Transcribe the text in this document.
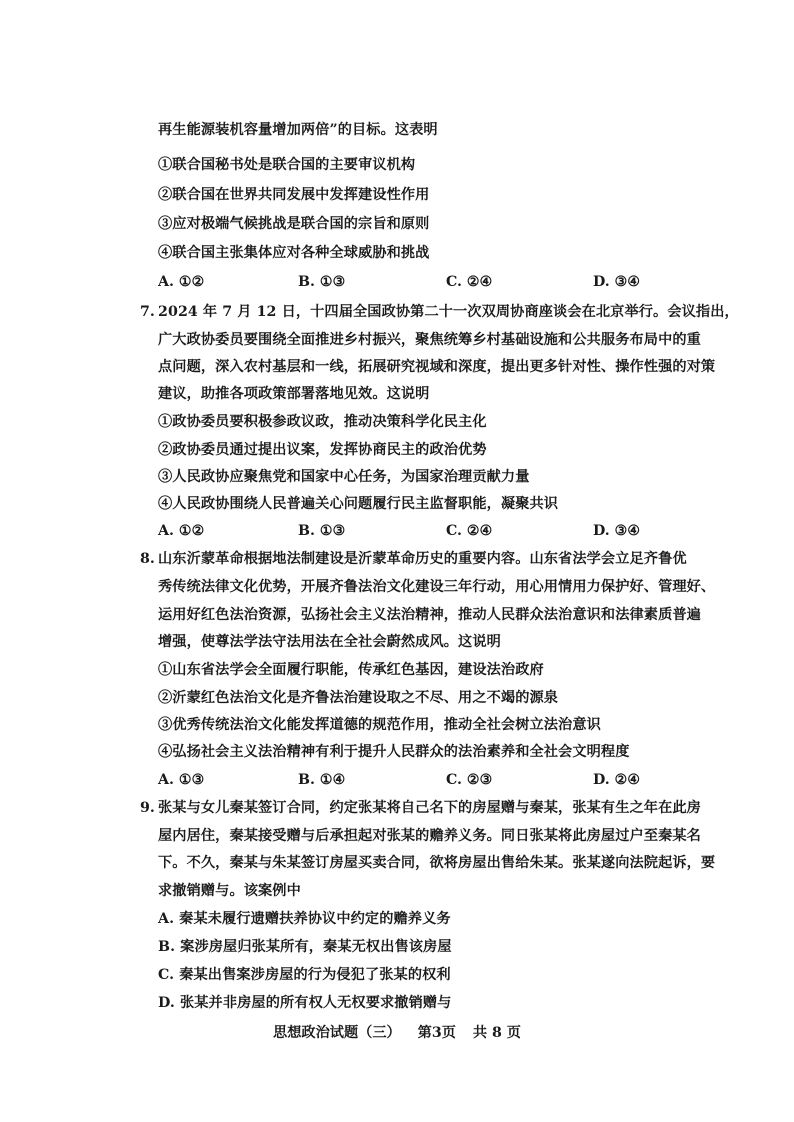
再生能源装机容量增加两倍”的目标。这表明
①联合国秘书处是联合国的主要审议机构
②联合国在世界共同发展中发挥建设性作用
③应对极端气候挑战是联合国的宗旨和原则
④联合国主张集体应对各种全球威胁和挑战
A. ①②	B. ①③	C. ②④	D. ③④
7. 2024 年 7 月 12 日，十四届全国政协第二十一次双周协商座谈会在北京举行。会议指出，
广大政协委员要围绕全面推进乡村振兴，聚焦统筹乡村基础设施和公共服务布局中的重
点问题，深入农村基层和一线，拓展研究视域和深度，提出更多针对性、操作性强的对策
建议，助推各项政策部署落地见效。这说明
①政协委员要积极参政议政，推动决策科学化民主化
②政协委员通过提出议案，发挥协商民主的政治优势
③人民政协应聚焦党和国家中心任务，为国家治理贡献力量
④人民政协围绕人民普遍关心问题履行民主监督职能，凝聚共识
A. ①②	B. ①③	C. ②④	D. ③④
8. 山东沂蒙革命根据地法制建设是沂蒙革命历史的重要内容。山东省法学会立足齐鲁优
秀传统法律文化优势，开展齐鲁法治文化建设三年行动，用心用情用力保护好、管理好、
运用好红色法治资源，弘扬社会主义法治精神，推动人民群众法治意识和法律素质普遍
增强，使尊法学法守法用法在全社会蔚然成风。这说明
①山东省法学会全面履行职能，传承红色基因，建设法治政府
②沂蒙红色法治文化是齐鲁法治建设取之不尽、用之不竭的源泉
③优秀传统法治文化能发挥道德的规范作用，推动全社会树立法治意识
④弘扬社会主义法治精神有利于提升人民群众的法治素养和全社会文明程度
A. ①③	B. ①④	C. ②③	D. ②④
9. 张某与女儿秦某签订合同，约定张某将自己名下的房屋赠与秦某，张某有生之年在此房
屋内居住，秦某接受赠与后承担起对张某的赡养义务。同日张某将此房屋过户至秦某名
下。不久，秦某与朱某签订房屋买卖合同，欲将房屋出售给朱某。张某遂向法院起诉，要
求撤销赠与。该案例中
A. 秦某未履行遗赠扶养协议中约定的赡养义务
B. 案涉房屋归张某所有，秦某无权出售该房屋
C. 秦某出售案涉房屋的行为侵犯了张某的权利
D. 张某并非房屋的所有权人无权要求撤销赠与
思想政治试题（三） 第3页 共 8 页
